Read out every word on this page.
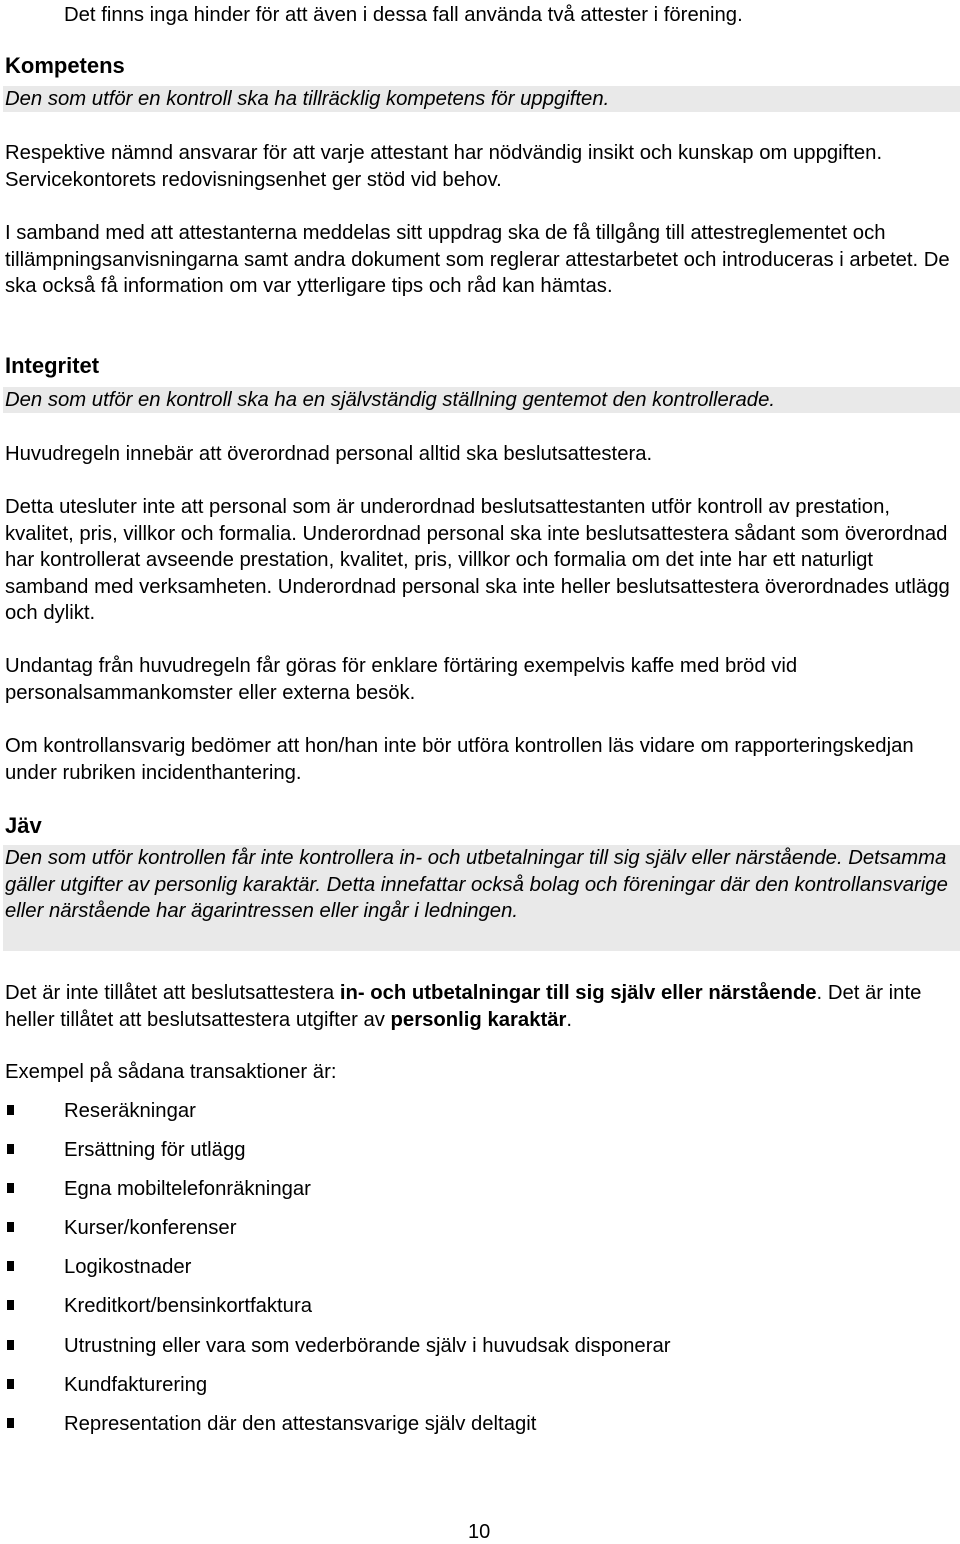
Det finns inga hinder för att även i dessa fall använda två attester i förening.

Kompetens

Den som utför en kontroll ska ha tillräcklig kompetens för uppgiften.

Respektive nämnd ansvarar för att varje attestant har nödvändig insikt och kunskap om uppgiften. Servicekontorets redovisningsenhet ger stöd vid behov.

I samband med att attestanterna meddelas sitt uppdrag ska de få tillgång till attestreglementet och tillämpningsanvisningarna samt andra dokument som reglerar attestarbetet och introduceras i arbetet. De ska också få information om var ytterligare tips och råd kan hämtas.

Integritet

Den som utför en kontroll ska ha en självständig ställning gentemot den kontrollerade.

Huvudregeln innebär att överordnad personal alltid ska beslutsattestera.

Detta utesluter inte att personal som är underordnad beslutsattestanten utför kontroll av prestation, kvalitet, pris, villkor och formalia. Underordnad personal ska inte beslutsattestera sådant som överordnad har kontrollerat avseende prestation, kvalitet, pris, villkor och formalia om det inte har ett naturligt samband med verksamheten. Underordnad personal ska inte heller beslutsattestera överordnades utlägg och dylikt.

Undantag från huvudregeln får göras för enklare förtäring exempelvis kaffe med bröd vid personalsammankomster eller externa besök.

Om kontrollansvarig bedömer att hon/han inte bör utföra kontrollen läs vidare om rapporteringskedjan under rubriken incidenthantering.

Jäv

Den som utför kontrollen får inte kontrollera in- och utbetalningar till sig själv eller närstående. Detsamma gäller utgifter av personlig karaktär. Detta innefattar också bolag och föreningar där den kontrollansvarige eller närstående har ägarintressen eller ingår i ledningen.

Det är inte tillåtet att beslutsattestera in- och utbetalningar till sig själv eller närstående. Det är inte heller tillåtet att beslutsattestera utgifter av personlig karaktär.

Exempel på sådana transaktioner är:

Reseräkningar
Ersättning för utlägg
Egna mobiltelefonräkningar
Kurser/konferenser
Logikostnader
Kreditkort/bensinkortfaktura
Utrustning eller vara som vederbörande själv i huvudsak disponerar
Kundfakturering
Representation där den attestansvarige själv deltagit
10
